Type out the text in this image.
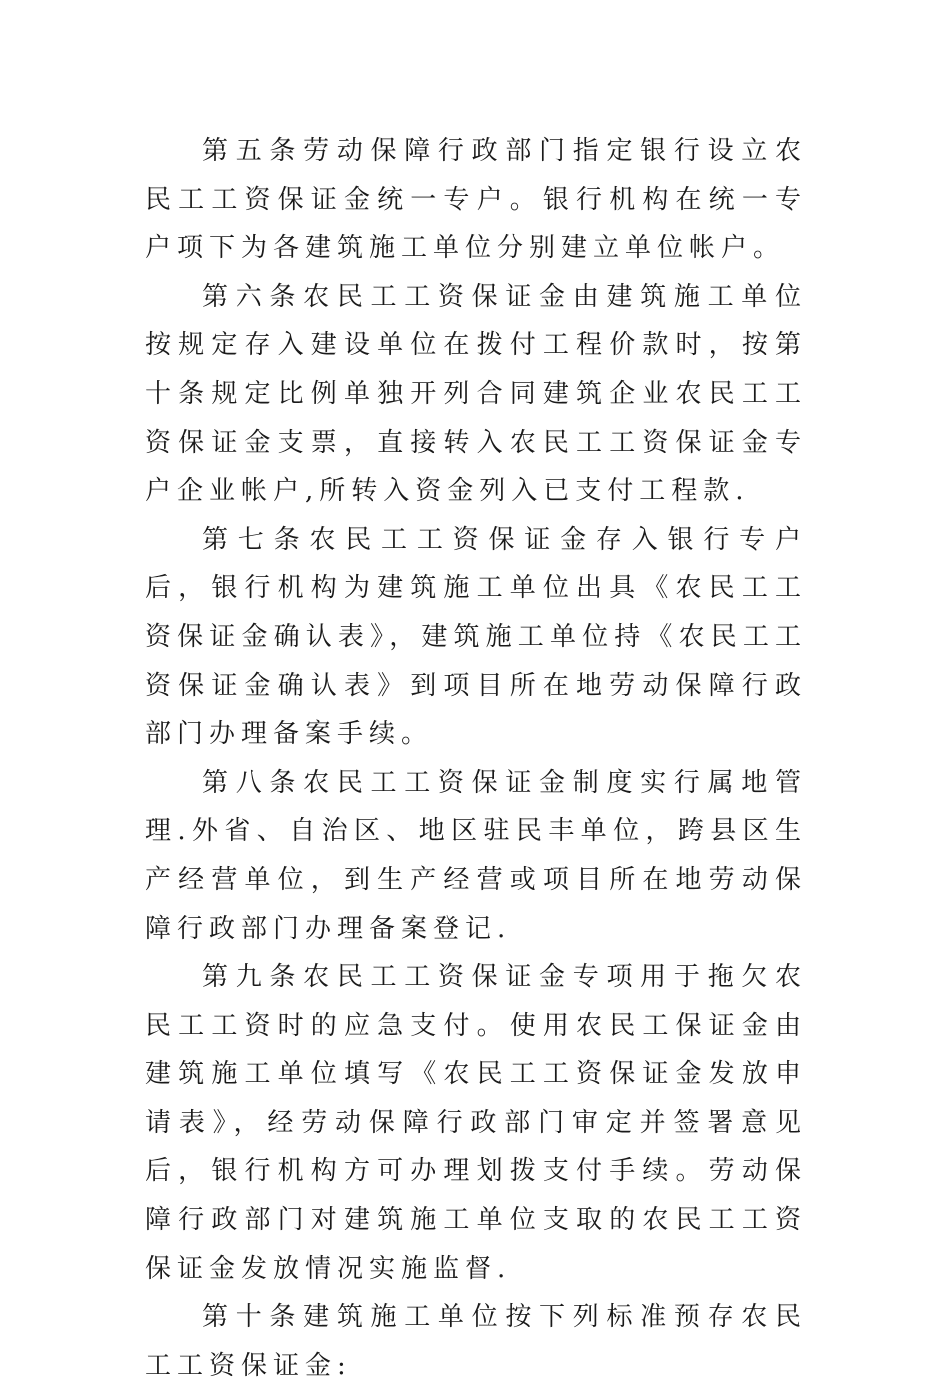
第五条劳动保障行政部门指定银行设立农民工工资保证金统一专户。银行机构在统一专户项下为各建筑施工单位分别建立单位帐户。

第六条农民工工资保证金由建筑施工单位按规定存入建设单位在拨付工程价款时，按第十条规定比例单独开列合同建筑企业农民工工资保证金支票，直接转入农民工工资保证金专户企业帐户,所转入资金列入已支付工程款.

第七条农民工工资保证金存入银行专户后，银行机构为建筑施工单位出具《农民工工资保证金确认表》，建筑施工单位持《农民工工资保证金确认表》到项目所在地劳动保障行政部门办理备案手续。

第八条农民工工资保证金制度实行属地管理.外省、自治区、地区驻民丰单位，跨县区生产经营单位，到生产经营或项目所在地劳动保障行政部门办理备案登记.

第九条农民工工资保证金专项用于拖欠农民工工资时的应急支付。使用农民工保证金由建筑施工单位填写《农民工工资保证金发放申请表》，经劳动保障行政部门审定并签署意见后，银行机构方可办理划拨支付手续。劳动保障行政部门对建筑施工单位支取的农民工工资保证金发放情况实施监督.

第十条建筑施工单位按下列标准预存农民工工资保证金:
